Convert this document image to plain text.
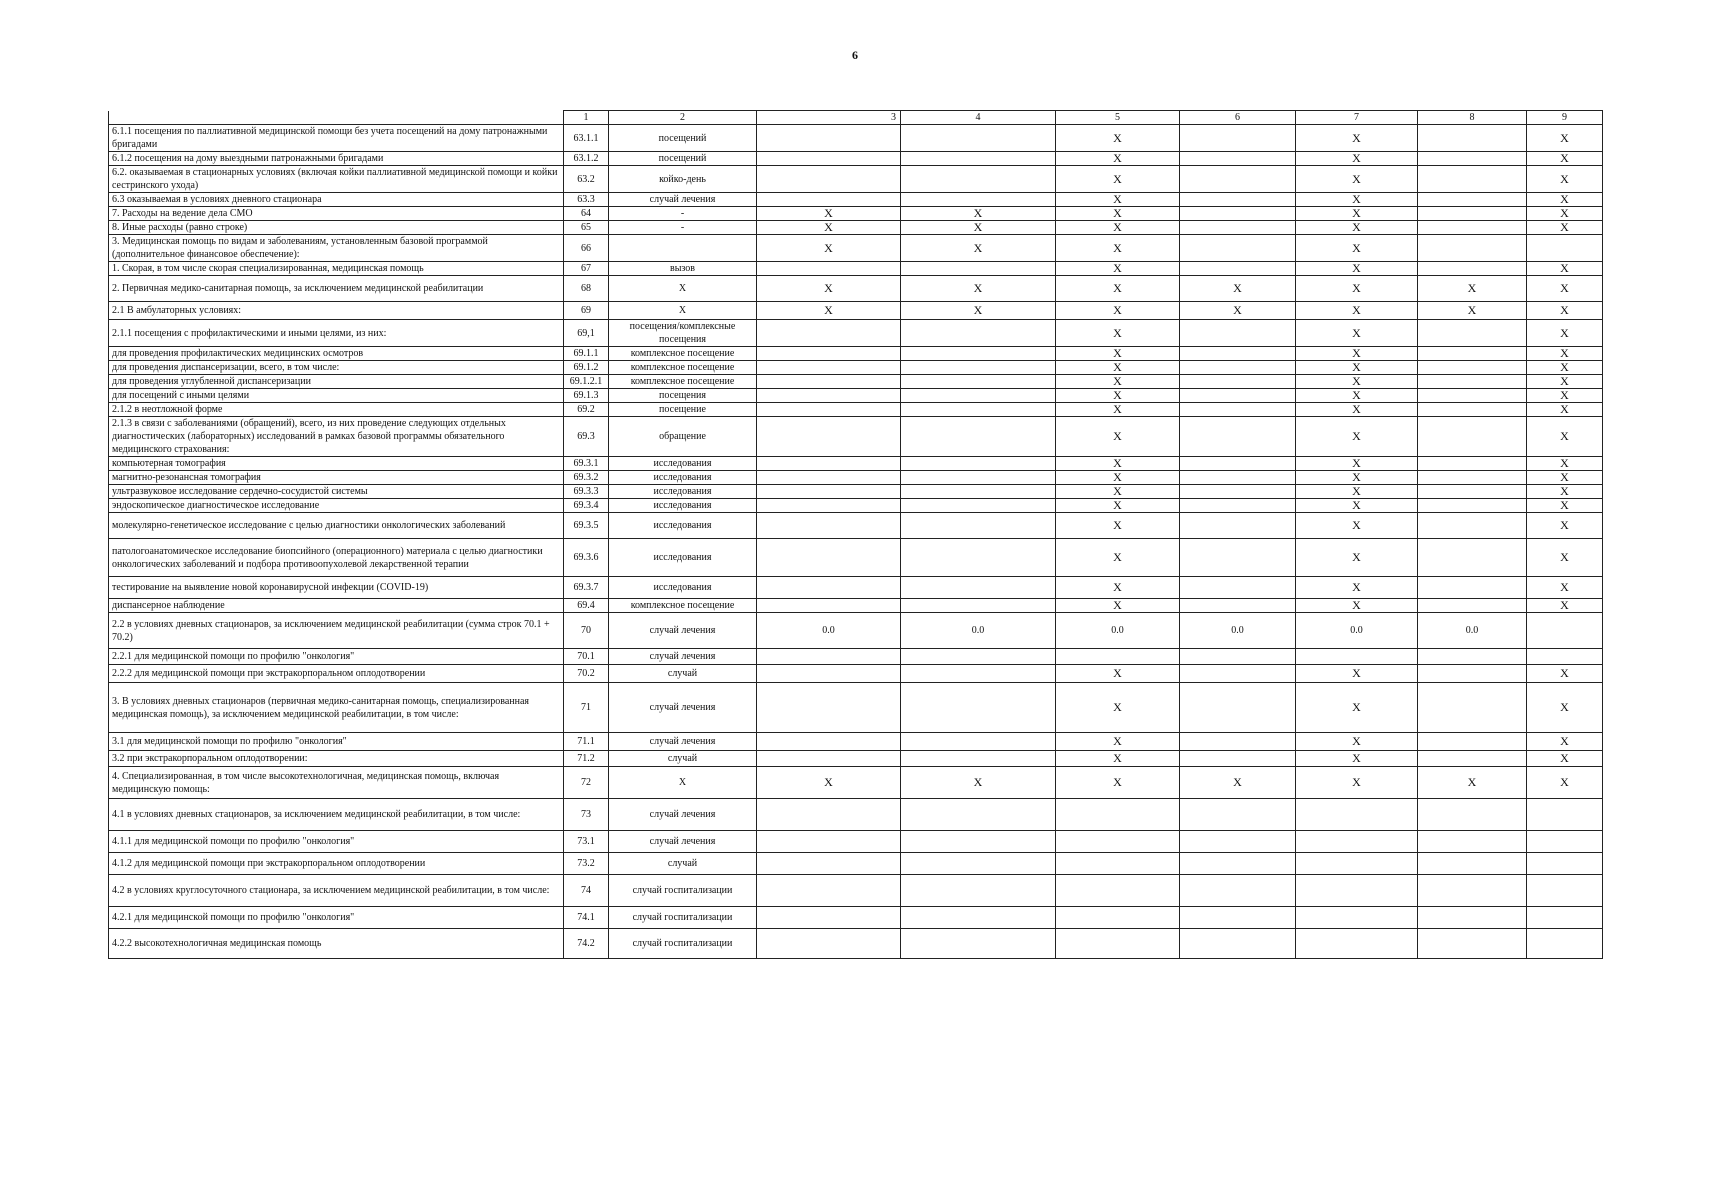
6
	1	2	3	4	5	6	7	8	9
6.1.1 посещения по паллиативной медицинской помощи без учета посещений на дому патронажными бригадами	63.1.1	посещений			X		X		X
6.1.2 посещения на дому выездными патронажными бригадами	63.1.2	посещений			X		X		X
6.2. оказываемая в стационарных условиях (включая койки паллиативной медицинской помощи и койки сестринского ухода)	63.2	койко-день			X		X		X
6.3 оказываемая в условиях дневного стационара	63.3	случай лечения			X		X		X
7. Расходы на ведение дела СМО	64	-	X	X	X		X		X
8. Иные расходы (равно строке)	65	-	X	X	X		X		X
3. Медицинская помощь по видам и заболеваниям, установленным базовой программой (дополнительное финансовое обеспечение):	66		X	X	X		X		
1. Скорая, в том числе скорая специализированная, медицинская помощь	67	вызов			X		X		X
2. Первичная медико-санитарная помощь, за исключением медицинской реабилитации	68	X	X	X	X	X	X	X	X
2.1 В амбулаторных условиях:	69	X	X	X	X	X	X	X	X
2.1.1 посещения с профилактическими и иными целями, из них:	69,1	посещения/комплексные посещения			X		X		X
для проведения профилактических медицинских осмотров	69.1.1	комплексное посещение			X		X		X
для проведения диспансеризации, всего, в том числе:	69.1.2	комплексное посещение			X		X		X
для проведения углубленной диспансеризации	69.1.2.1	комплексное посещение			X		X		X
для посещений с иными целями	69.1.3	посещения			X		X		X
2.1.2 в неотложной форме	69.2	посещение			X		X		X
2.1.3 в связи с заболеваниями (обращений), всего, из них проведение следующих отдельных диагностических (лабораторных) исследований в рамках базовой программы обязательного медицинского страхования:	69.3	обращение			X		X		X
компьютерная томография	69.3.1	исследования			X		X		X
магнитно-резонансная томография	69.3.2	исследования			X		X		X
ультразвуковое исследование сердечно-сосудистой системы	69.3.3	исследования			X		X		X
эндоскопическое диагностическое исследование	69.3.4	исследования			X		X		X
молекулярно-генетическое исследование с целью диагностики онкологических заболеваний	69.3.5	исследования			X		X		X
патологоанатомическое исследование биопсийного (операционного) материала с целью диагностики онкологических заболеваний и подбора противоопухолевой лекарственной терапии	69.3.6	исследования			X		X		X
тестирование на выявление новой коронавирусной инфекции (COVID-19)	69.3.7	исследования			X		X		X
диспансерное наблюдение	69.4	комплексное посещение			X		X		X
2.2 в условиях дневных стационаров, за исключением медицинской реабилитации (сумма строк 70.1 + 70.2)	70	случай лечения	0.0	0.0	0.0	0.0	0.0	0.0	
2.2.1 для медицинской помощи по профилю "онкология"	70.1	случай лечения							
2.2.2 для медицинской помощи при экстракорпоральном оплодотворении	70.2	случай			X		X		X
3. В условиях дневных стационаров (первичная медико-санитарная помощь, специализированная медицинская помощь), за исключением медицинской реабилитации, в том числе:	71	случай лечения			X		X		X
3.1 для медицинской помощи по профилю "онкология"	71.1	случай лечения			X		X		X
3.2 при экстракорпоральном оплодотворении:	71.2	случай			X		X		X
4. Специализированная, в том числе высокотехнологичная, медицинская помощь, включая медицинскую помощь:	72	X	X	X	X	X	X	X	X
4.1 в условиях дневных стационаров, за исключением медицинской реабилитации, в том числе:	73	случай лечения							
4.1.1 для медицинской помощи по профилю "онкология"	73.1	случай лечения							
4.1.2 для медицинской помощи при экстракорпоральном оплодотворении	73.2	случай							
4.2 в условиях круглосуточного стационара, за исключением медицинской реабилитации, в том числе:	74	случай госпитализации							
4.2.1 для медицинской помощи по профилю "онкология"	74.1	случай госпитализации							
4.2.2 высокотехнологичная медицинская помощь	74.2	случай госпитализации							
